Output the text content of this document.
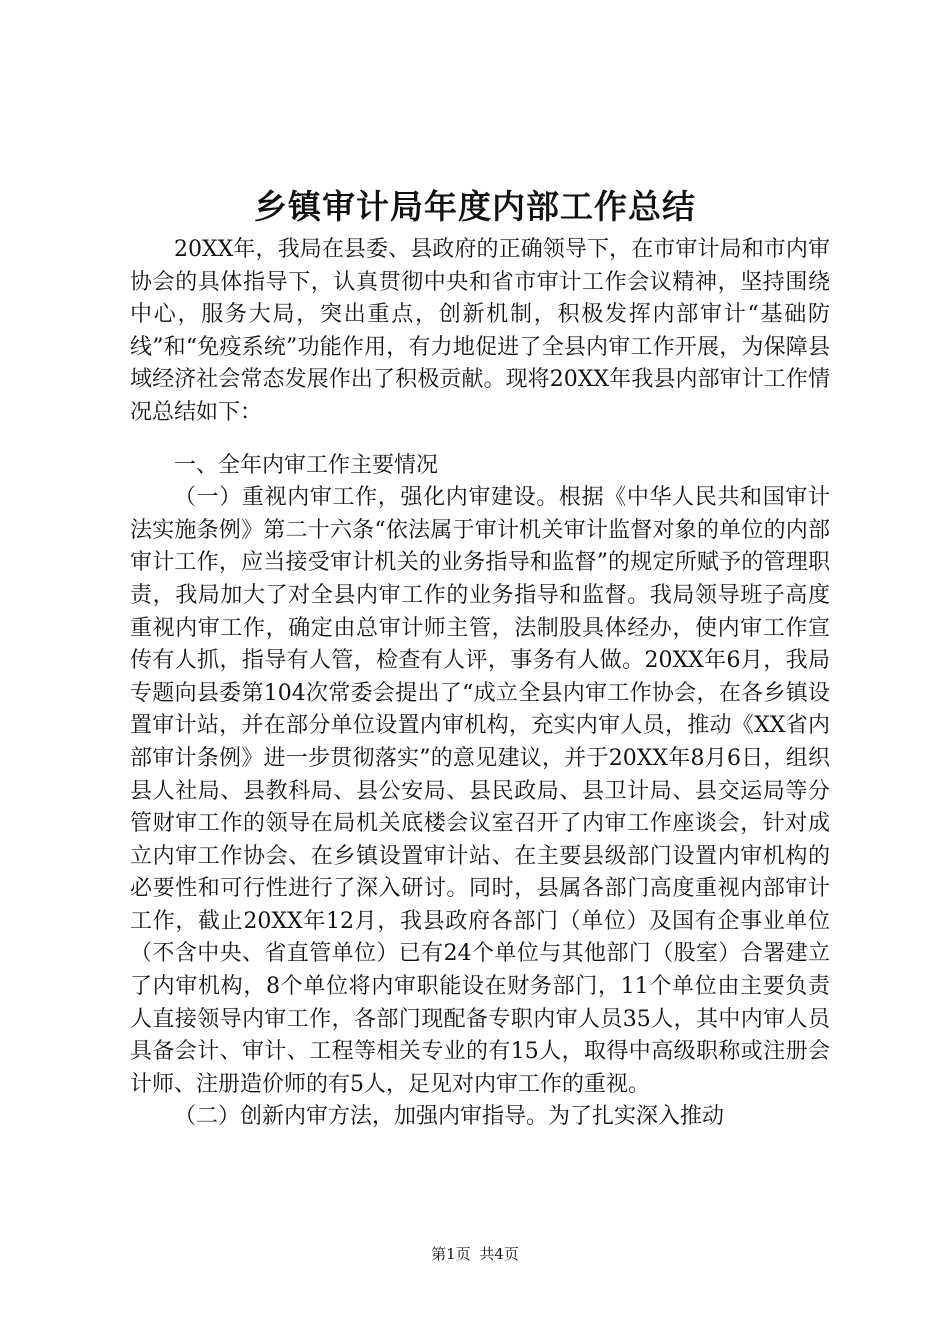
乡镇审计局年度内部工作总结

20XX年，我局在县委、县政府的正确领导下，在市审计局和市内审协会的具体指导下，认真贯彻中央和省市审计工作会议精神，坚持围绕中心，服务大局，突出重点，创新机制，积极发挥内部审计“基础防线”和“免疫系统”功能作用，有力地促进了全县内审工作开展，为保障县域经济社会常态发展作出了积极贡献。现将20XX年我县内部审计工作情况总结如下：

一、全年内审工作主要情况

（一）重视内审工作，强化内审建设。根据《中华人民共和国审计法实施条例》第二十六条“依法属于审计机关审计监督对象的单位的内部审计工作，应当接受审计机关的业务指导和监督”的规定所赋予的管理职责，我局加大了对全县内审工作的业务指导和监督。我局领导班子高度重视内审工作，确定由总审计师主管，法制股具体经办，使内审工作宣传有人抓，指导有人管，检查有人评，事务有人做。20XX年6月，我局专题向县委第104次常委会提出了“成立全县内审工作协会，在各乡镇设置审计站，并在部分单位设置内审机构，充实内审人员，推动《XX省内部审计条例》进一步贯彻落实”的意见建议，并于20XX年8月6日，组织县人社局、县教科局、县公安局、县民政局、县卫计局、县交运局等分管财审工作的领导在局机关底楼会议室召开了内审工作座谈会，针对成立内审工作协会、在乡镇设置审计站、在主要县级部门设置内审机构的必要性和可行性进行了深入研讨。同时，县属各部门高度重视内部审计工作，截止20XX年12月，我县政府各部门（单位）及国有企事业单位（不含中央、省直管单位）已有24个单位与其他部门（股室）合署建立了内审机构，8个单位将内审职能设在财务部门，11个单位由主要负责人直接领导内审工作，各部门现配备专职内审人员35人，其中内审人员具备会计、审计、工程等相关专业的有15人，取得中高级职称或注册会计师、注册造价师的有5人，足见对内审工作的重视。

（二）创新内审方法，加强内审指导。为了扎实深入推动

第1页 共4页
